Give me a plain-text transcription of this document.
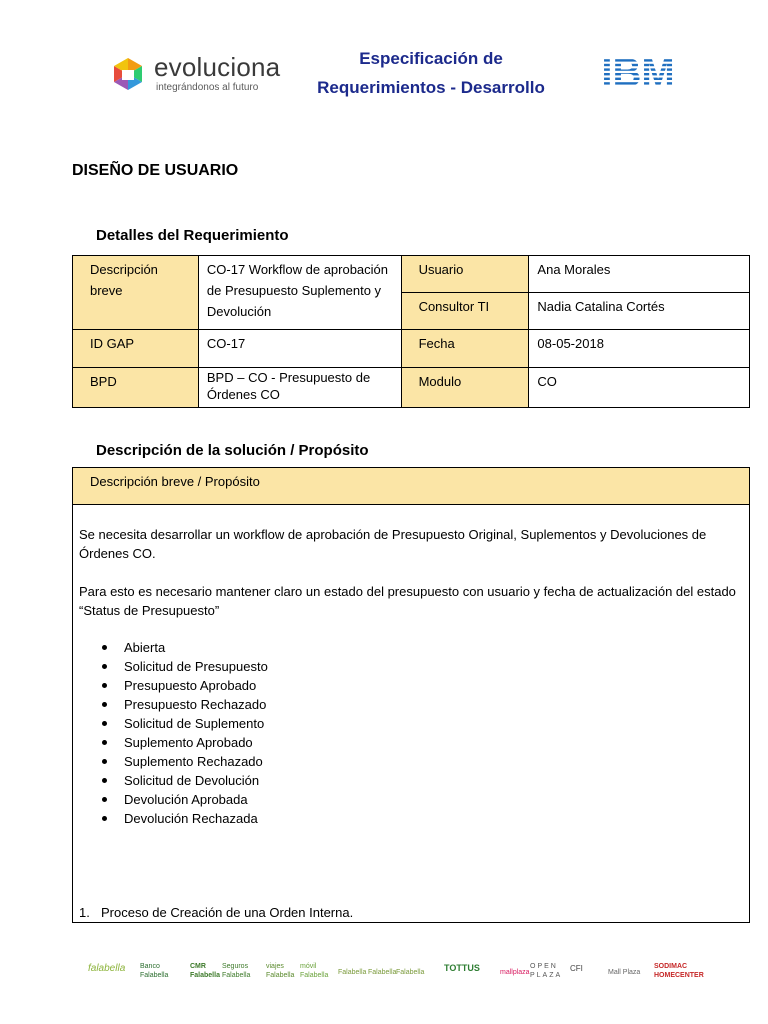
evoluciona
integrándonos al futuro
Especificación de
Requerimientos - Desarrollo
DISEÑO DE USUARIO
Detalles del Requerimiento
Descripción breve	CO-17 Workflow de aprobación de Presupuesto Suplemento y Devolución	Usuario	Ana Morales
		Consultor TI	Nadia Catalina Cortés
ID GAP	CO-17	Fecha	08-05-2018
BPD	BPD – CO - Presupuesto de Órdenes CO	Modulo	CO
Descripción de la solución / Propósito
Descripción breve / Propósito
Se necesita desarrollar un workflow de aprobación de Presupuesto Original, Suplementos y Devoluciones de Órdenes CO.
Para esto es necesario mantener claro un estado del presupuesto con usuario y fecha de actualización del estado “Status de Presupuesto”
Abierta
Solicitud de Presupuesto
Presupuesto Aprobado
Presupuesto Rechazado
Solicitud de Suplemento
Suplemento Aprobado
Suplemento Rechazado
Solicitud de Devolución
Devolución Aprobada
Devolución Rechazada
1. Proceso de Creación de una Orden Interna.
falabella Banco Falabella
CMR Falabella
Seguros Falabella
viajes Falabella
móvil Falabella	Falabella Falabella Falabella	TOTTUS	mallplaza
OPEN PLAZA
CFI	Mall Plaza
SODIMAC HOMECENTER
